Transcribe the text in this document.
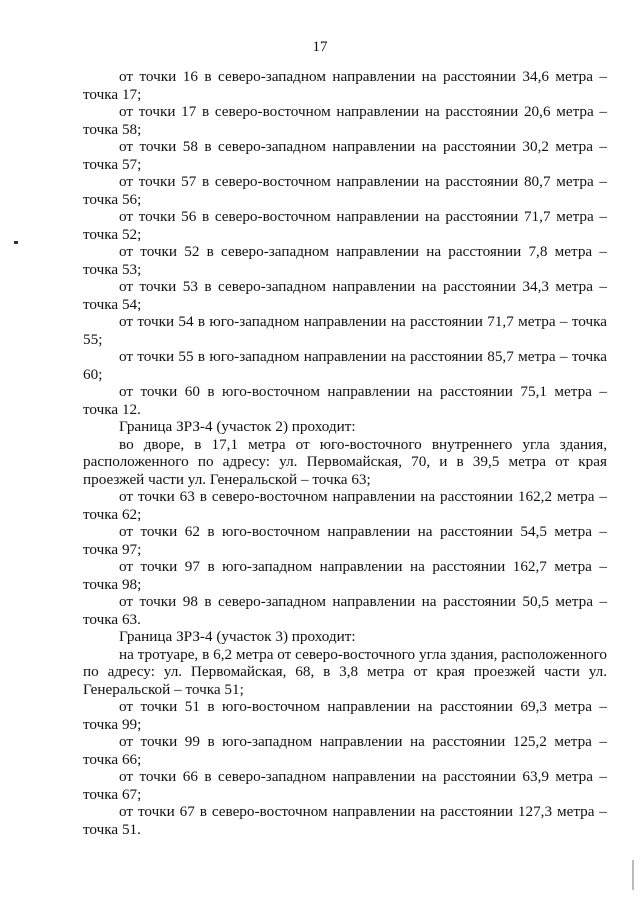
17

от точки 16 в северо-западном направлении на расстоянии 34,6 метра – точка 17;

от точки 17 в северо-восточном направлении на расстоянии 20,6 метра – точка 58;

от точки 58 в северо-западном направлении на расстоянии 30,2 метра – точка 57;

от точки 57 в северо-восточном направлении на расстоянии 80,7 метра – точка 56;

от точки 56 в северо-восточном направлении на расстоянии 71,7 метра – точка 52;

от точки 52 в северо-западном направлении на расстоянии 7,8 метра – точка 53;

от точки 53 в северо-западном направлении на расстоянии 34,3 метра – точка 54;

от точки 54 в юго-западном направлении на расстоянии 71,7 метра – точка 55;

от точки 55 в юго-западном направлении на расстоянии 85,7 метра – точка 60;

от точки 60 в юго-восточном направлении на расстоянии 75,1 метра – точка 12.

Граница ЗРЗ-4 (участок 2) проходит:

во дворе, в 17,1 метра от юго-восточного внутреннего угла здания, расположенного по адресу: ул. Первомайская, 70, и в 39,5 метра от края проезжей части ул. Генеральской – точка 63;

от точки 63 в северо-восточном направлении на расстоянии 162,2 метра – точка 62;

от точки 62 в юго-восточном направлении на расстоянии 54,5 метра – точка 97;

от точки 97 в юго-западном направлении на расстоянии 162,7 метра – точка 98;

от точки 98 в северо-западном направлении на расстоянии 50,5 метра – точка 63.

Граница ЗРЗ-4 (участок 3) проходит:

на тротуаре, в 6,2 метра от северо-восточного угла здания, расположенного по адресу: ул. Первомайская, 68, в 3,8 метра от края проезжей части ул. Генеральской – точка 51;

от точки 51 в юго-восточном направлении на расстоянии 69,3 метра – точка 99;

от точки 99 в юго-западном направлении на расстоянии 125,2 метра – точка 66;

от точки 66 в северо-западном направлении на расстоянии 63,9 метра – точка 67;

от точки 67 в северо-восточном направлении на расстоянии 127,3 метра – точка 51.
